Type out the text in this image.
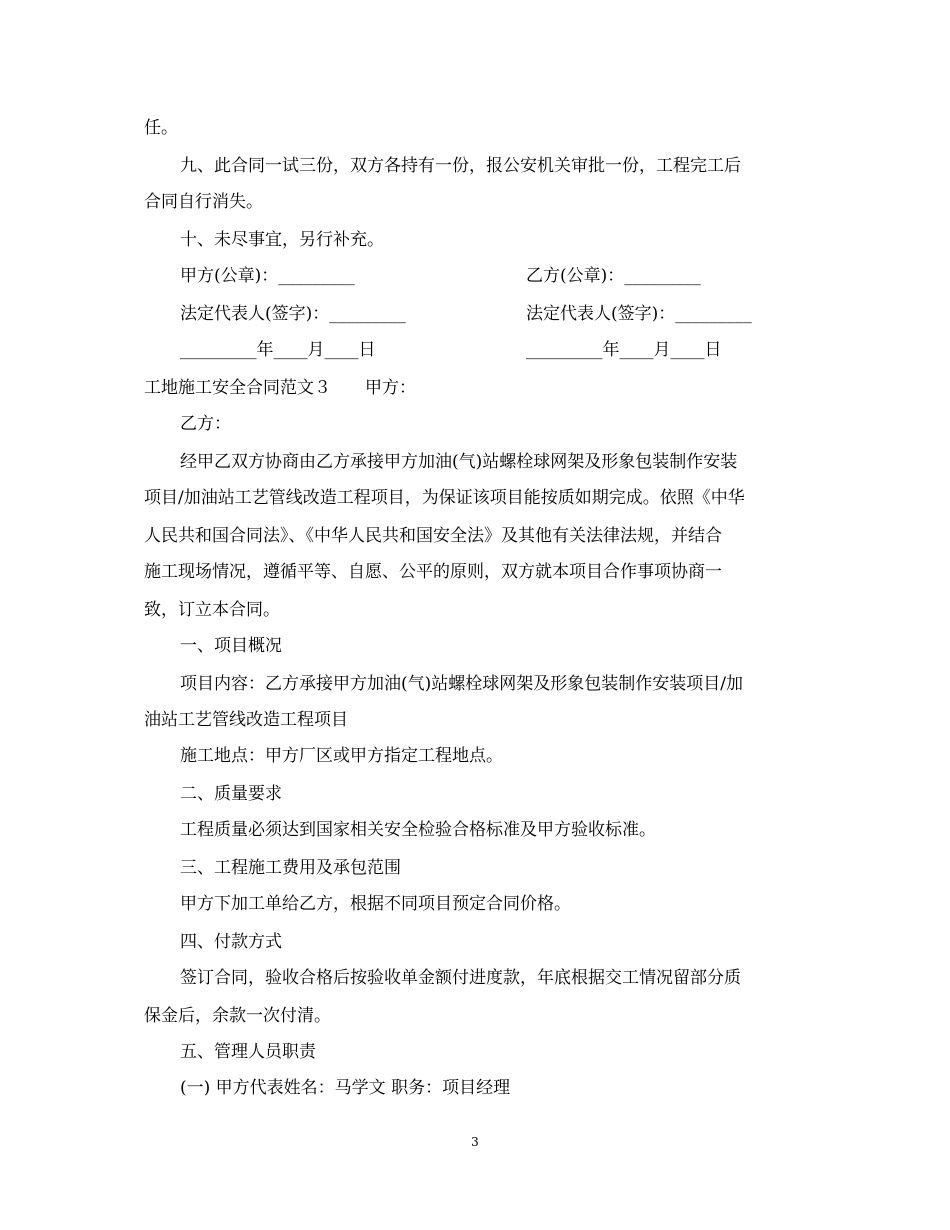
任。
九、此合同一试三份，双方各持有一份，报公安机关审批一份，工程完工后
合同自行消失。
十、未尽事宜，另行补充。
甲方(公章)：_________	乙方(公章)：_________
法定代表人(签字)：_________	法定代表人(签字)：_________
_________年____月____日	_________年____月____日
工地施工安全合同范文３　　甲方：
乙方：
经甲乙双方协商由乙方承接甲方加油(气)站螺栓球网架及形象包装制作安装
项目/加油站工艺管线改造工程项目，为保证该项目能按质如期完成。依照《中华
人民共和国合同法》、《中华人民共和国安全法》及其他有关法律法规，并结合
施工现场情况，遵循平等、自愿、公平的原则，双方就本项目合作事项协商一
致，订立本合同。
一、项目概况
项目内容：乙方承接甲方加油(气)站螺栓球网架及形象包装制作安装项目/加
油站工艺管线改造工程项目
施工地点：甲方厂区或甲方指定工程地点。
二、质量要求
工程质量必须达到国家相关安全检验合格标准及甲方验收标准。
三、工程施工费用及承包范围
甲方下加工单给乙方，根据不同项目预定合同价格。
四、付款方式
签订合同，验收合格后按验收单金额付进度款，年底根据交工情况留部分质
保金后，余款一次付清。
五、管理人员职责
(一) 甲方代表姓名：马学文 职务：项目经理
3
